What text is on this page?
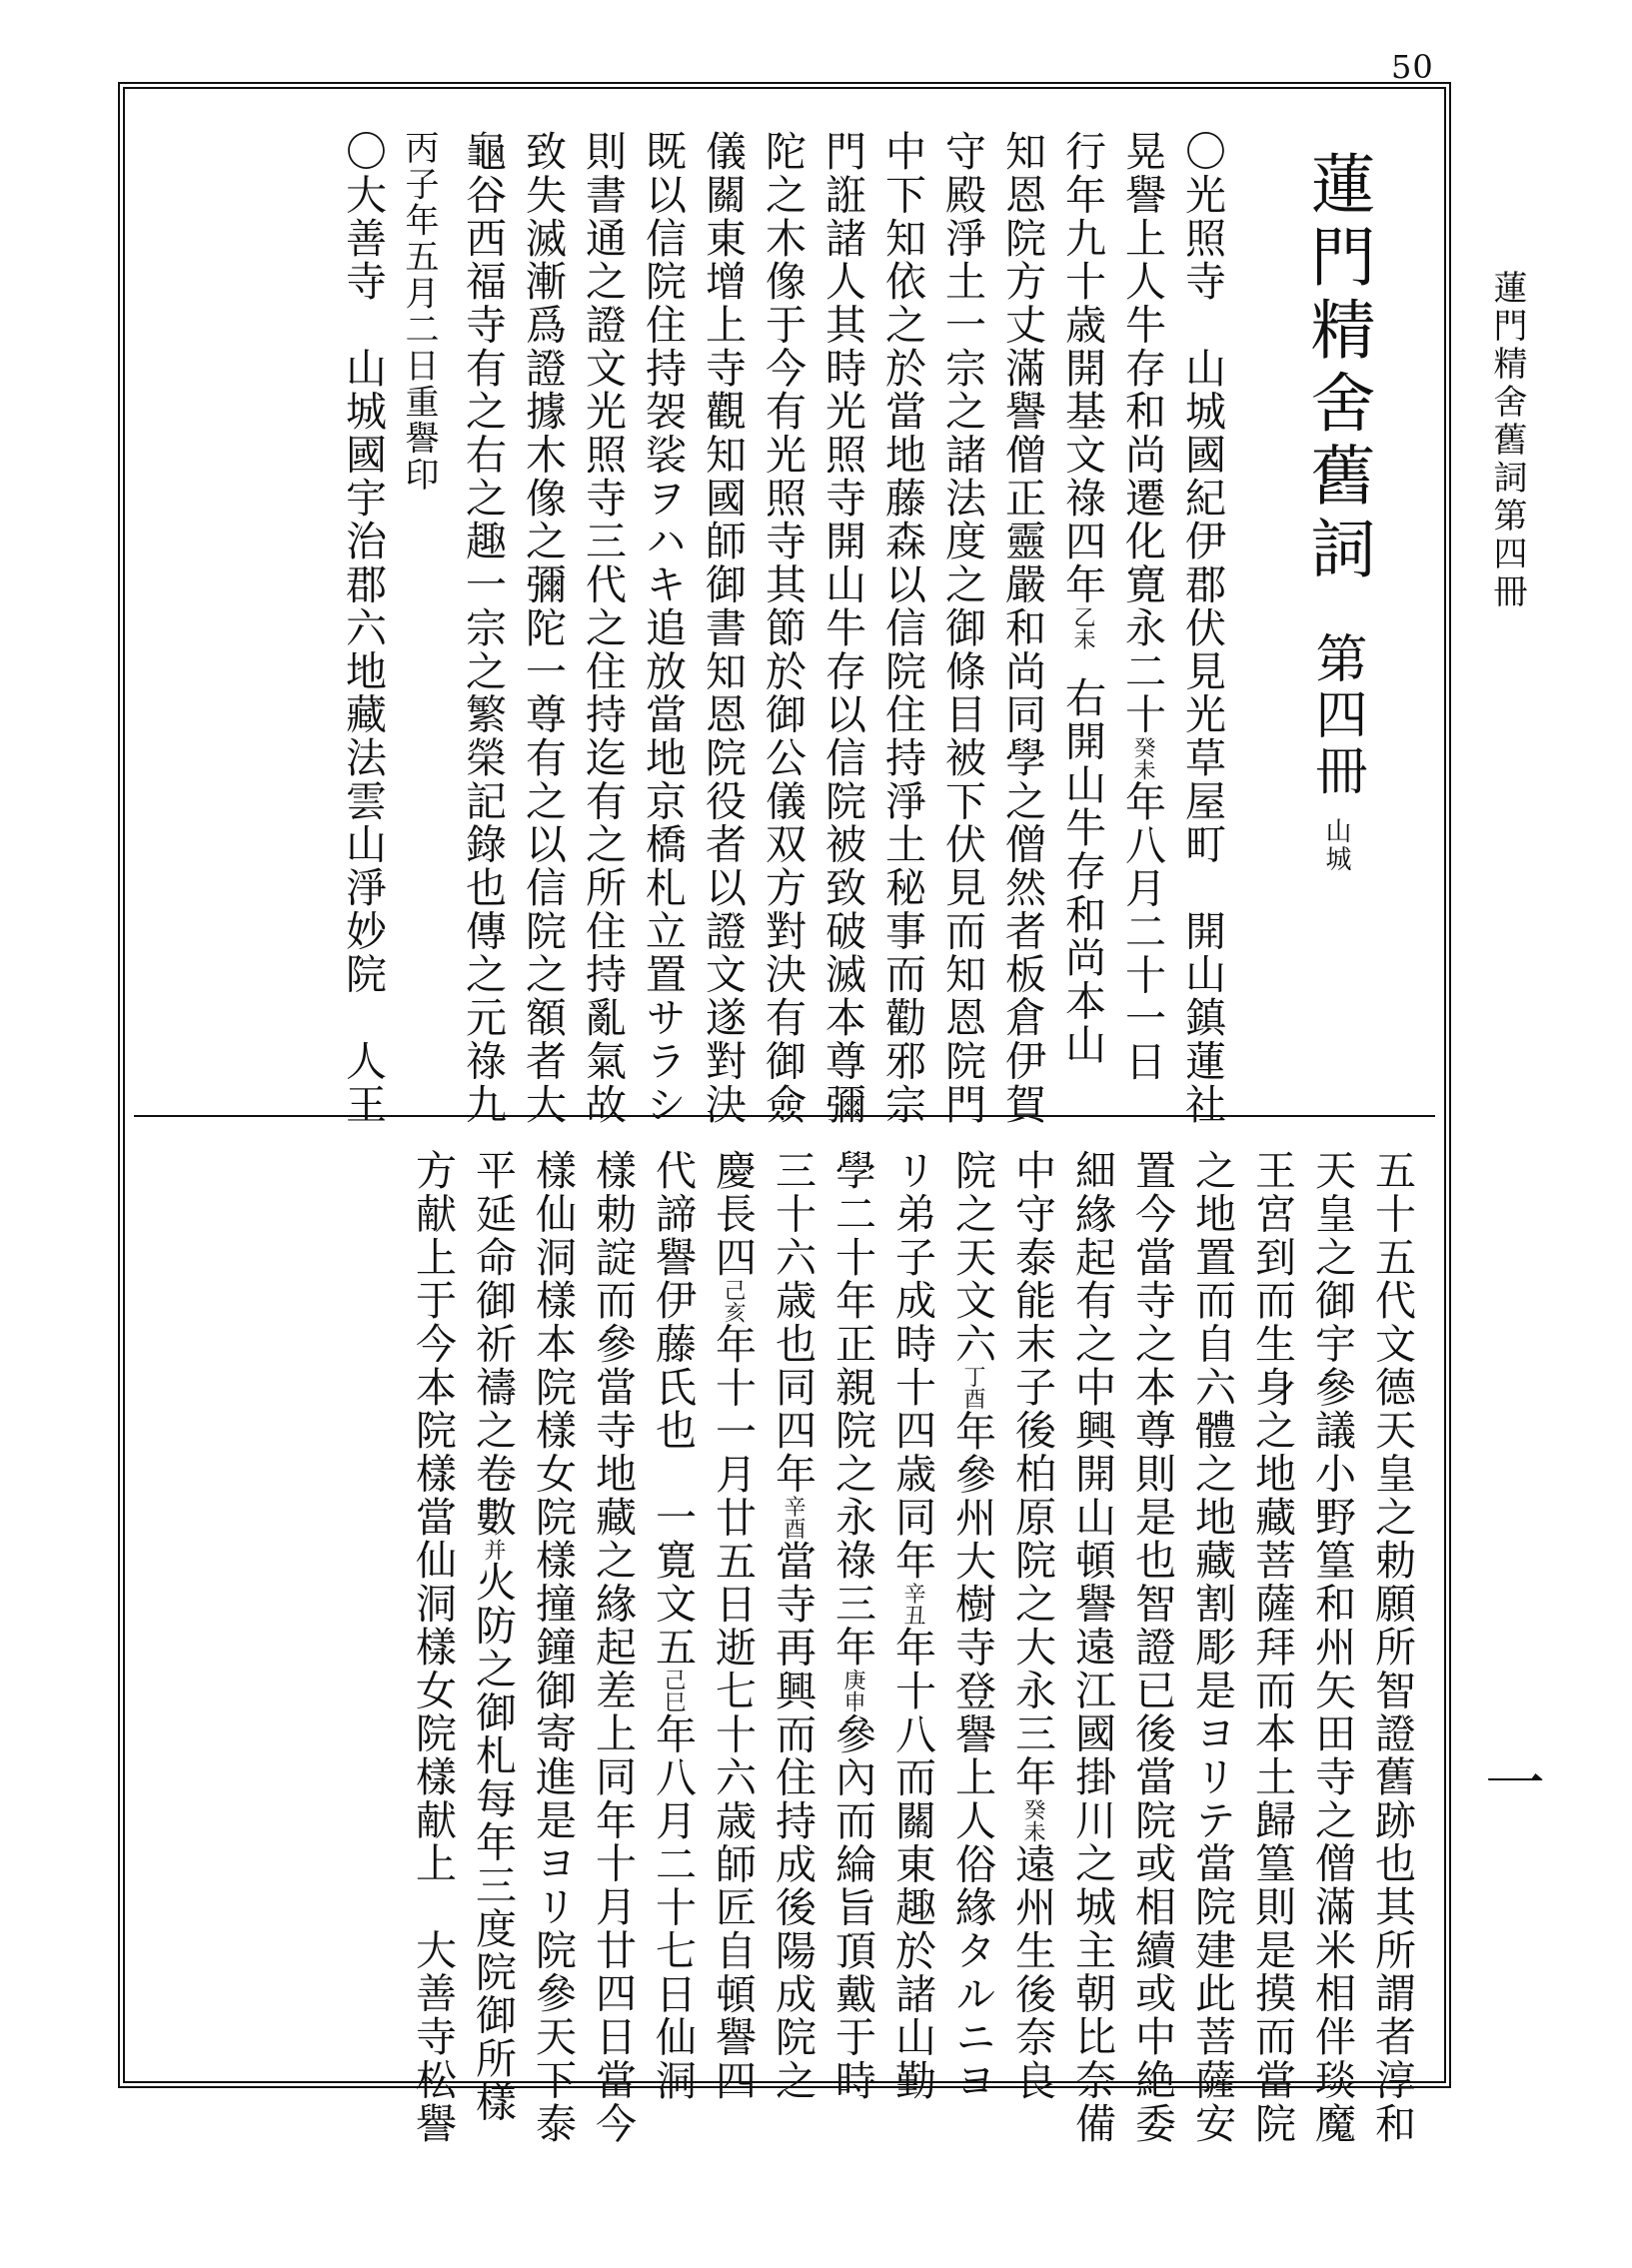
50
蓮門精舍舊詞第四冊
一
蓮門精舍舊詞第四冊山城
〇光照寺　山城國紀伊郡伏見光草屋町　開山鎮蓮社
晃譽上人牛存和尚遷化寛永二十癸未年八月二十一日
行年九十歳開基文祿四年乙未右開山牛存和尚本山
知恩院方丈滿譽僧正靈嚴和尚同學之僧然者板倉伊賀
守殿淨土一宗之諸法度之御條目被下伏見而知恩院門
中下知依之於當地藤森以信院住持淨土秘事而勸邪宗
門誑諸人其時光照寺開山牛存以信院被致破滅本尊彌
陀之木像于今有光照寺其節於御公儀双方對決有御僉
儀關東增上寺觀知國師御書知恩院役者以證文遂對決
既以信院住持袈裟ヲハキ追放當地京橋札立置サラシ
則書通之證文光照寺三代之住持迄有之所住持亂氣故
致失滅漸爲證據木像之彌陀一尊有之以信院之額者大
龜谷西福寺有之右之趣一宗之繁榮記錄也傳之元祿九
丙子年五月二日重譽印
〇大善寺　山城國宇治郡六地藏法雲山淨妙院　人王
五十五代文德天皇之勅願所智證舊跡也其所謂者淳和
天皇之御宇參議小野篁和州矢田寺之僧滿米相伴琰魔
王宮到而生身之地藏菩薩拜而本土歸篁則是摸而當院
之地置而自六體之地藏割彫是ヨリテ當院建此菩薩安
置今當寺之本尊則是也智證已後當院或相續或中絶委
細緣起有之中興開山頓譽遠江國掛川之城主朝比奈備
中守泰能末子後柏原院之大永三年癸未遠州生後奈良
院之天文六丁酉年參州大樹寺登譽上人俗緣タルニヨ
リ弟子成時十四歳同年辛丑年十八而關東趣於諸山勤
學二十年正親院之永祿三年庚申參內而綸旨頂戴于時
三十六歳也同四年辛酉當寺再興而住持成後陽成院之
慶長四己亥年十一月廿五日逝七十六歳師匠自頓譽四
代諦譽伊藤氏也　一寛文五己巳年八月二十七日仙洞
樣勅諚而參當寺地藏之緣起差上同年十月廿四日當今
樣仙洞樣本院樣女院樣撞鐘御寄進是ヨリ院參天下泰
平延命御祈禱之卷數并火防之御札每年三度院御所樣
方献上于今本院樣當仙洞樣女院樣献上　大善寺松譽
